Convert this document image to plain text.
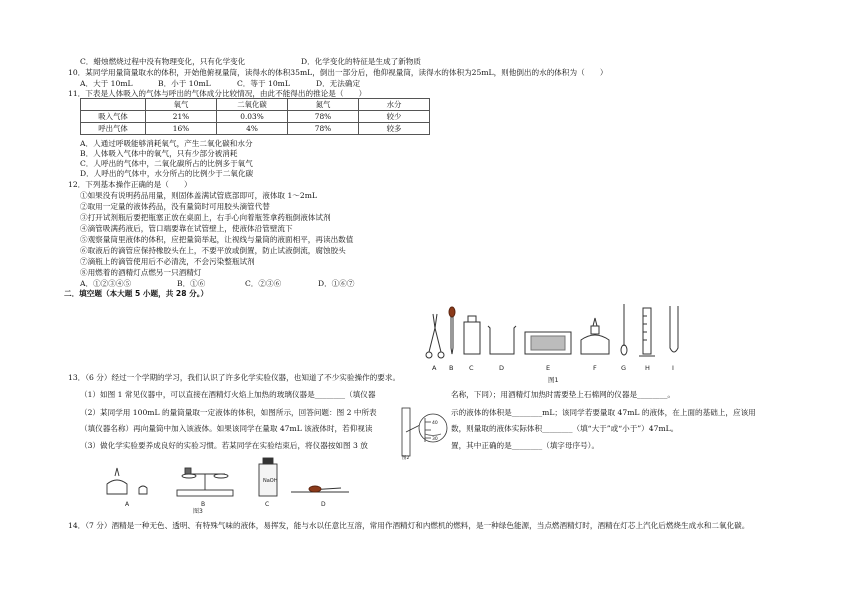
C．蜡烛燃烧过程中没有物理变化，只有化学变化	D．化学变化的特征是生成了新物质
10．某同学用量筒量取水的体积，开始他俯视量筒，读得水的体积35mL，倒出一部分后，他仰视量筒，读得水的体积为25mL，则他倒出的水的体积为（　　）
A．大于 10mL	B．小于 10mL	C．等于 10mL	D．无法确定
11．下表是人体吸入的气体与呼出的气体成分比较情况，由此不能得出的推论是（　　）
	氧气	二氧化碳	氮气	水分
吸入气体	21%	0.03%	78%	较少
呼出气体	16%	4%	78%	较多
A．人通过呼吸能够消耗氧气，产生二氧化碳和水分
B．人体吸入气体中的氧气，只有少部分被消耗
C．人呼出的气体中，二氧化碳所占的比例多于氧气
D．人呼出的气体中，水分所占的比例少于二氧化碳
12．下列基本操作正确的是（　　）
①如果没有说明药品用量，则固体盖满试管底部即可，液体取 1～2mL
②取用一定量的液体药品，没有量筒时可用胶头滴管代替
③打开试剂瓶后要把瓶塞正放在桌面上，右手心向着瓶签拿药瓶倒液体试剂
④滴管吸满药液后，管口端要靠在试管壁上，使液体沿管壁流下
⑤观察量筒里液体的体积，应把量筒举起，让视线与量筒的液面相平，再读出数值
⑥取液后的滴管应保持橡胶头在上，不要平放或倒置，防止试液倒流，腐蚀胶头
⑦滴瓶上的滴管使用后不必清洗，不会污染整瓶试剂
⑧用燃着的酒精灯点燃另一只酒精灯
A．①②③④⑤	B．①⑥	C．②③⑥	D．①⑥⑦
二．填空题（本大题 5 小题，共 28 分。）
A B C	D	E	F	G	H	I
图1
13．（6 分）经过一个学期的学习，我们认识了许多化学实验仪器，也知道了不少实验操作的要求。
（1）如图 1 常见仪器中，可以直接在酒精灯火焰上加热的玻璃仪器是________（填仪器	名称，下同）；用酒精灯加热时需要垫上石棉网的仪器是________。
（2）某同学用 100mL 的量筒量取一定液体的体积，如图所示，回答问题：图 2 中所表	示的液体的体积是________mL；该同学若要量取 47mL 的液体，在上面的基础上，应该用
（填仪器名称）再向量筒中加入该液体。如果该同学在量取 47mL 该液体时，若仰视读	数，则量取的液体实际体积________（填“大于”或“小于”）47mL。
（3）做化学实验要养成良好的实验习惯。若某同学在实验结束后，将仪器按如图 3 放	置，其中正确的是________（填字母序号）。
40
30
图2
NaOH
A	B	C	D
图3
14．（7 分）酒精是一种无色、透明、有特殊气味的液体，易挥发，能与水以任意比互溶，常用作酒精灯和内燃机的燃料，是一种绿色能源，当点燃酒精灯时，酒精在灯芯上汽化后燃烧生成水和二氧化碳。
